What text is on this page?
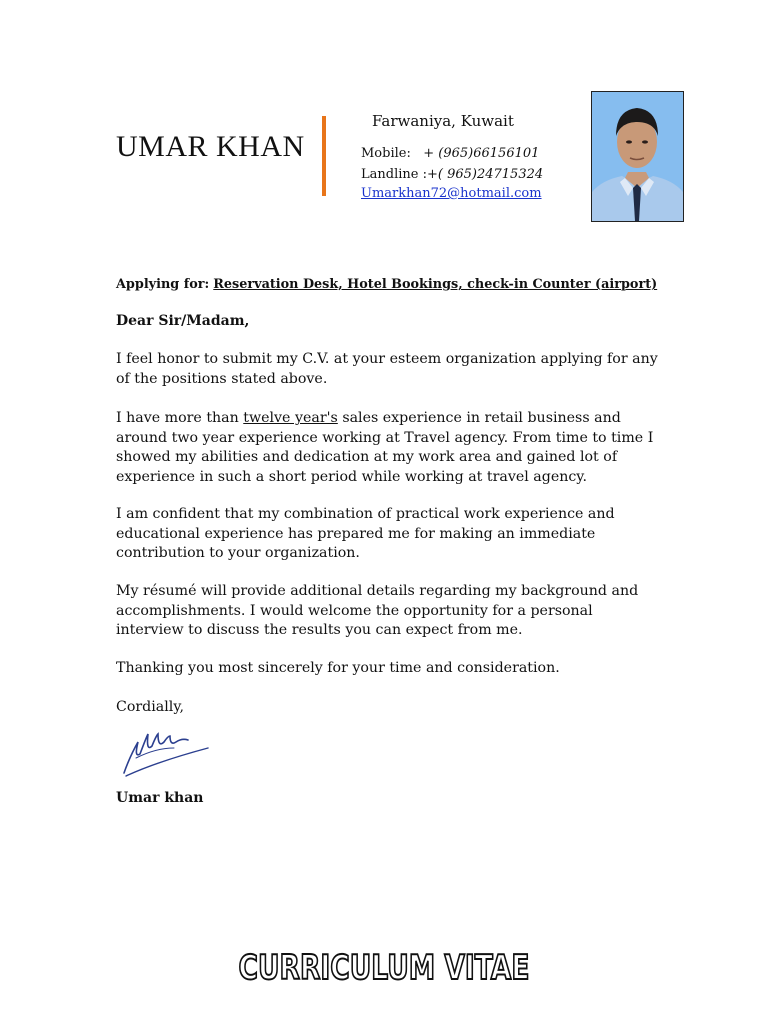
UMAR KHAN
Farwaniya, Kuwait
Mobile: + (965)66156101
Landline :+( 965)24715324
Umarkhan72@hotmail.com
Applying for: Reservation Desk, Hotel Bookings, check-in Counter (airport)
Dear Sir/Madam,
I feel honor to submit my C.V. at your esteem organization applying for any of the positions stated above.
I have more than twelve year's sales experience in retail business and around two year experience working at Travel agency. From time to time I showed my abilities and dedication at my work area and gained lot of experience in such a short period while working at travel agency.
I am confident that my combination of practical work experience and educational experience has prepared me for making an immediate contribution to your organization.
My résumé will provide additional details regarding my background and accomplishments. I would welcome the opportunity for a personal interview to discuss the results you can expect from me.
Thanking you most sincerely for your time and consideration.
Cordially,
Umar khan
CURRICULUM VITAE
